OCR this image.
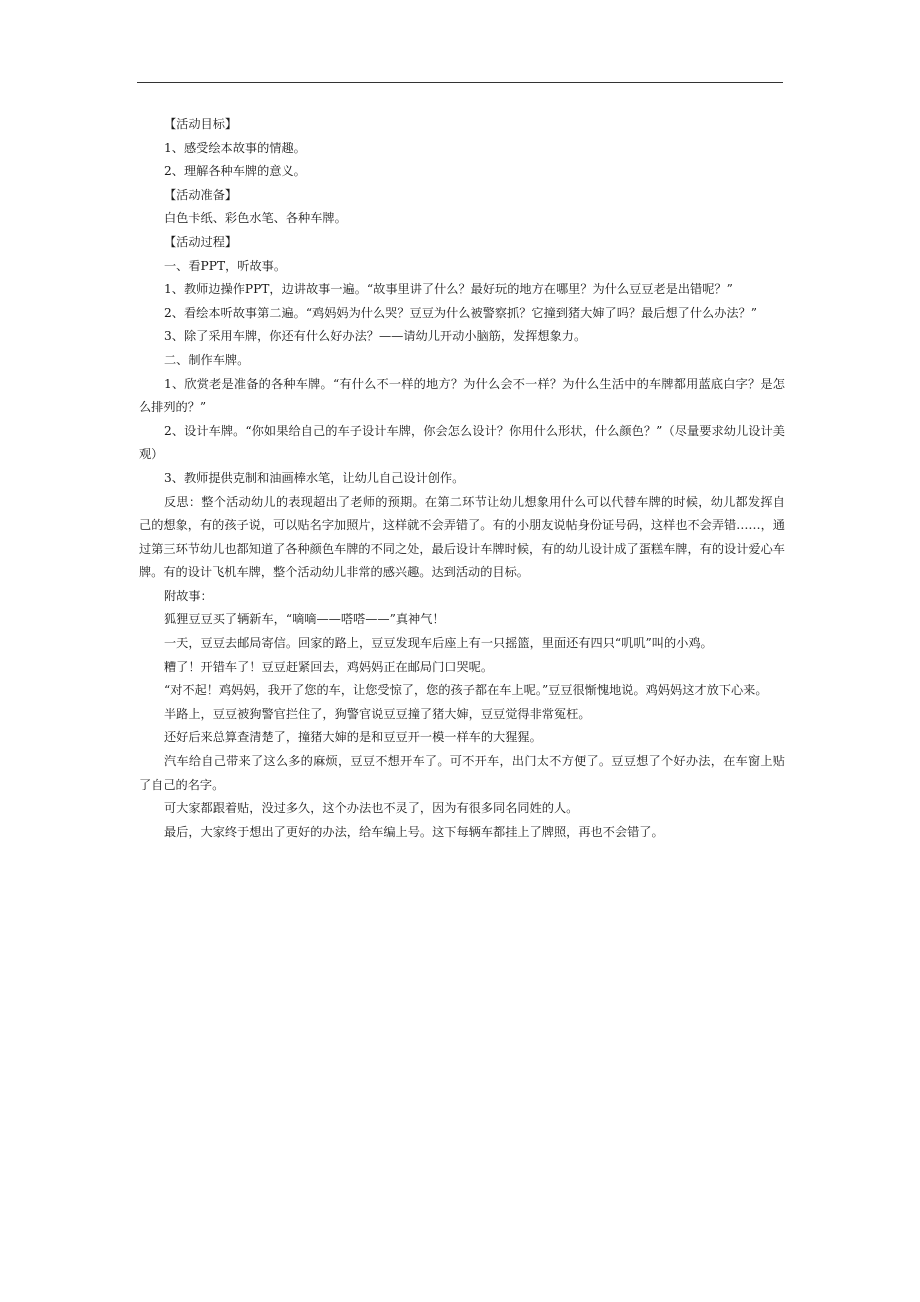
【活动目标】

1、感受绘本故事的情趣。

2、理解各种车牌的意义。

【活动准备】

白色卡纸、彩色水笔、各种车牌。

【活动过程】

一、看PPT，听故事。

1、教师边操作PPT，边讲故事一遍。“故事里讲了什么？最好玩的地方在哪里？为什么豆豆老是出错呢？”

2、看绘本听故事第二遍。“鸡妈妈为什么哭？豆豆为什么被警察抓？它撞到猪大婶了吗？最后想了什么办法？”

3、除了采用车牌，你还有什么好办法？——请幼儿开动小脑筋，发挥想象力。

二、制作车牌。

1、欣赏老是准备的各种车牌。“有什么不一样的地方？为什么会不一样？为什么生活中的车牌都用蓝底白字？是怎么排列的？”

2、设计车牌。“你如果给自己的车子设计车牌，你会怎么设计？你用什么形状，什么颜色？”（尽量要求幼儿设计美观）

3、教师提供克制和油画棒水笔，让幼儿自己设计创作。

反思：整个活动幼儿的表现超出了老师的预期。在第二环节让幼儿想象用什么可以代替车牌的时候，幼儿都发挥自己的想象，有的孩子说，可以贴名字加照片，这样就不会弄错了。有的小朋友说帖身份证号码，这样也不会弄错……，通过第三环节幼儿也都知道了各种颜色车牌的不同之处，最后设计车牌时候，有的幼儿设计成了蛋糕车牌，有的设计爱心车牌。有的设计飞机车牌，整个活动幼儿非常的感兴趣。达到活动的目标。

附故事：

狐狸豆豆买了辆新车，“嘀嘀——嗒嗒——”真神气！

一天，豆豆去邮局寄信。回家的路上，豆豆发现车后座上有一只摇篮，里面还有四只“叽叽”叫的小鸡。

糟了！开错车了！豆豆赶紧回去，鸡妈妈正在邮局门口哭呢。

“对不起！鸡妈妈，我开了您的车，让您受惊了，您的孩子都在车上呢。”豆豆很惭愧地说。鸡妈妈这才放下心来。

半路上，豆豆被狗警官拦住了，狗警官说豆豆撞了猪大婶，豆豆觉得非常冤枉。

还好后来总算查清楚了，撞猪大婶的是和豆豆开一模一样车的大猩猩。

汽车给自己带来了这么多的麻烦，豆豆不想开车了。可不开车，出门太不方便了。豆豆想了个好办法，在车窗上贴了自己的名字。

可大家都跟着贴，没过多久，这个办法也不灵了，因为有很多同名同姓的人。

最后，大家终于想出了更好的办法，给车编上号。这下每辆车都挂上了牌照，再也不会错了。
